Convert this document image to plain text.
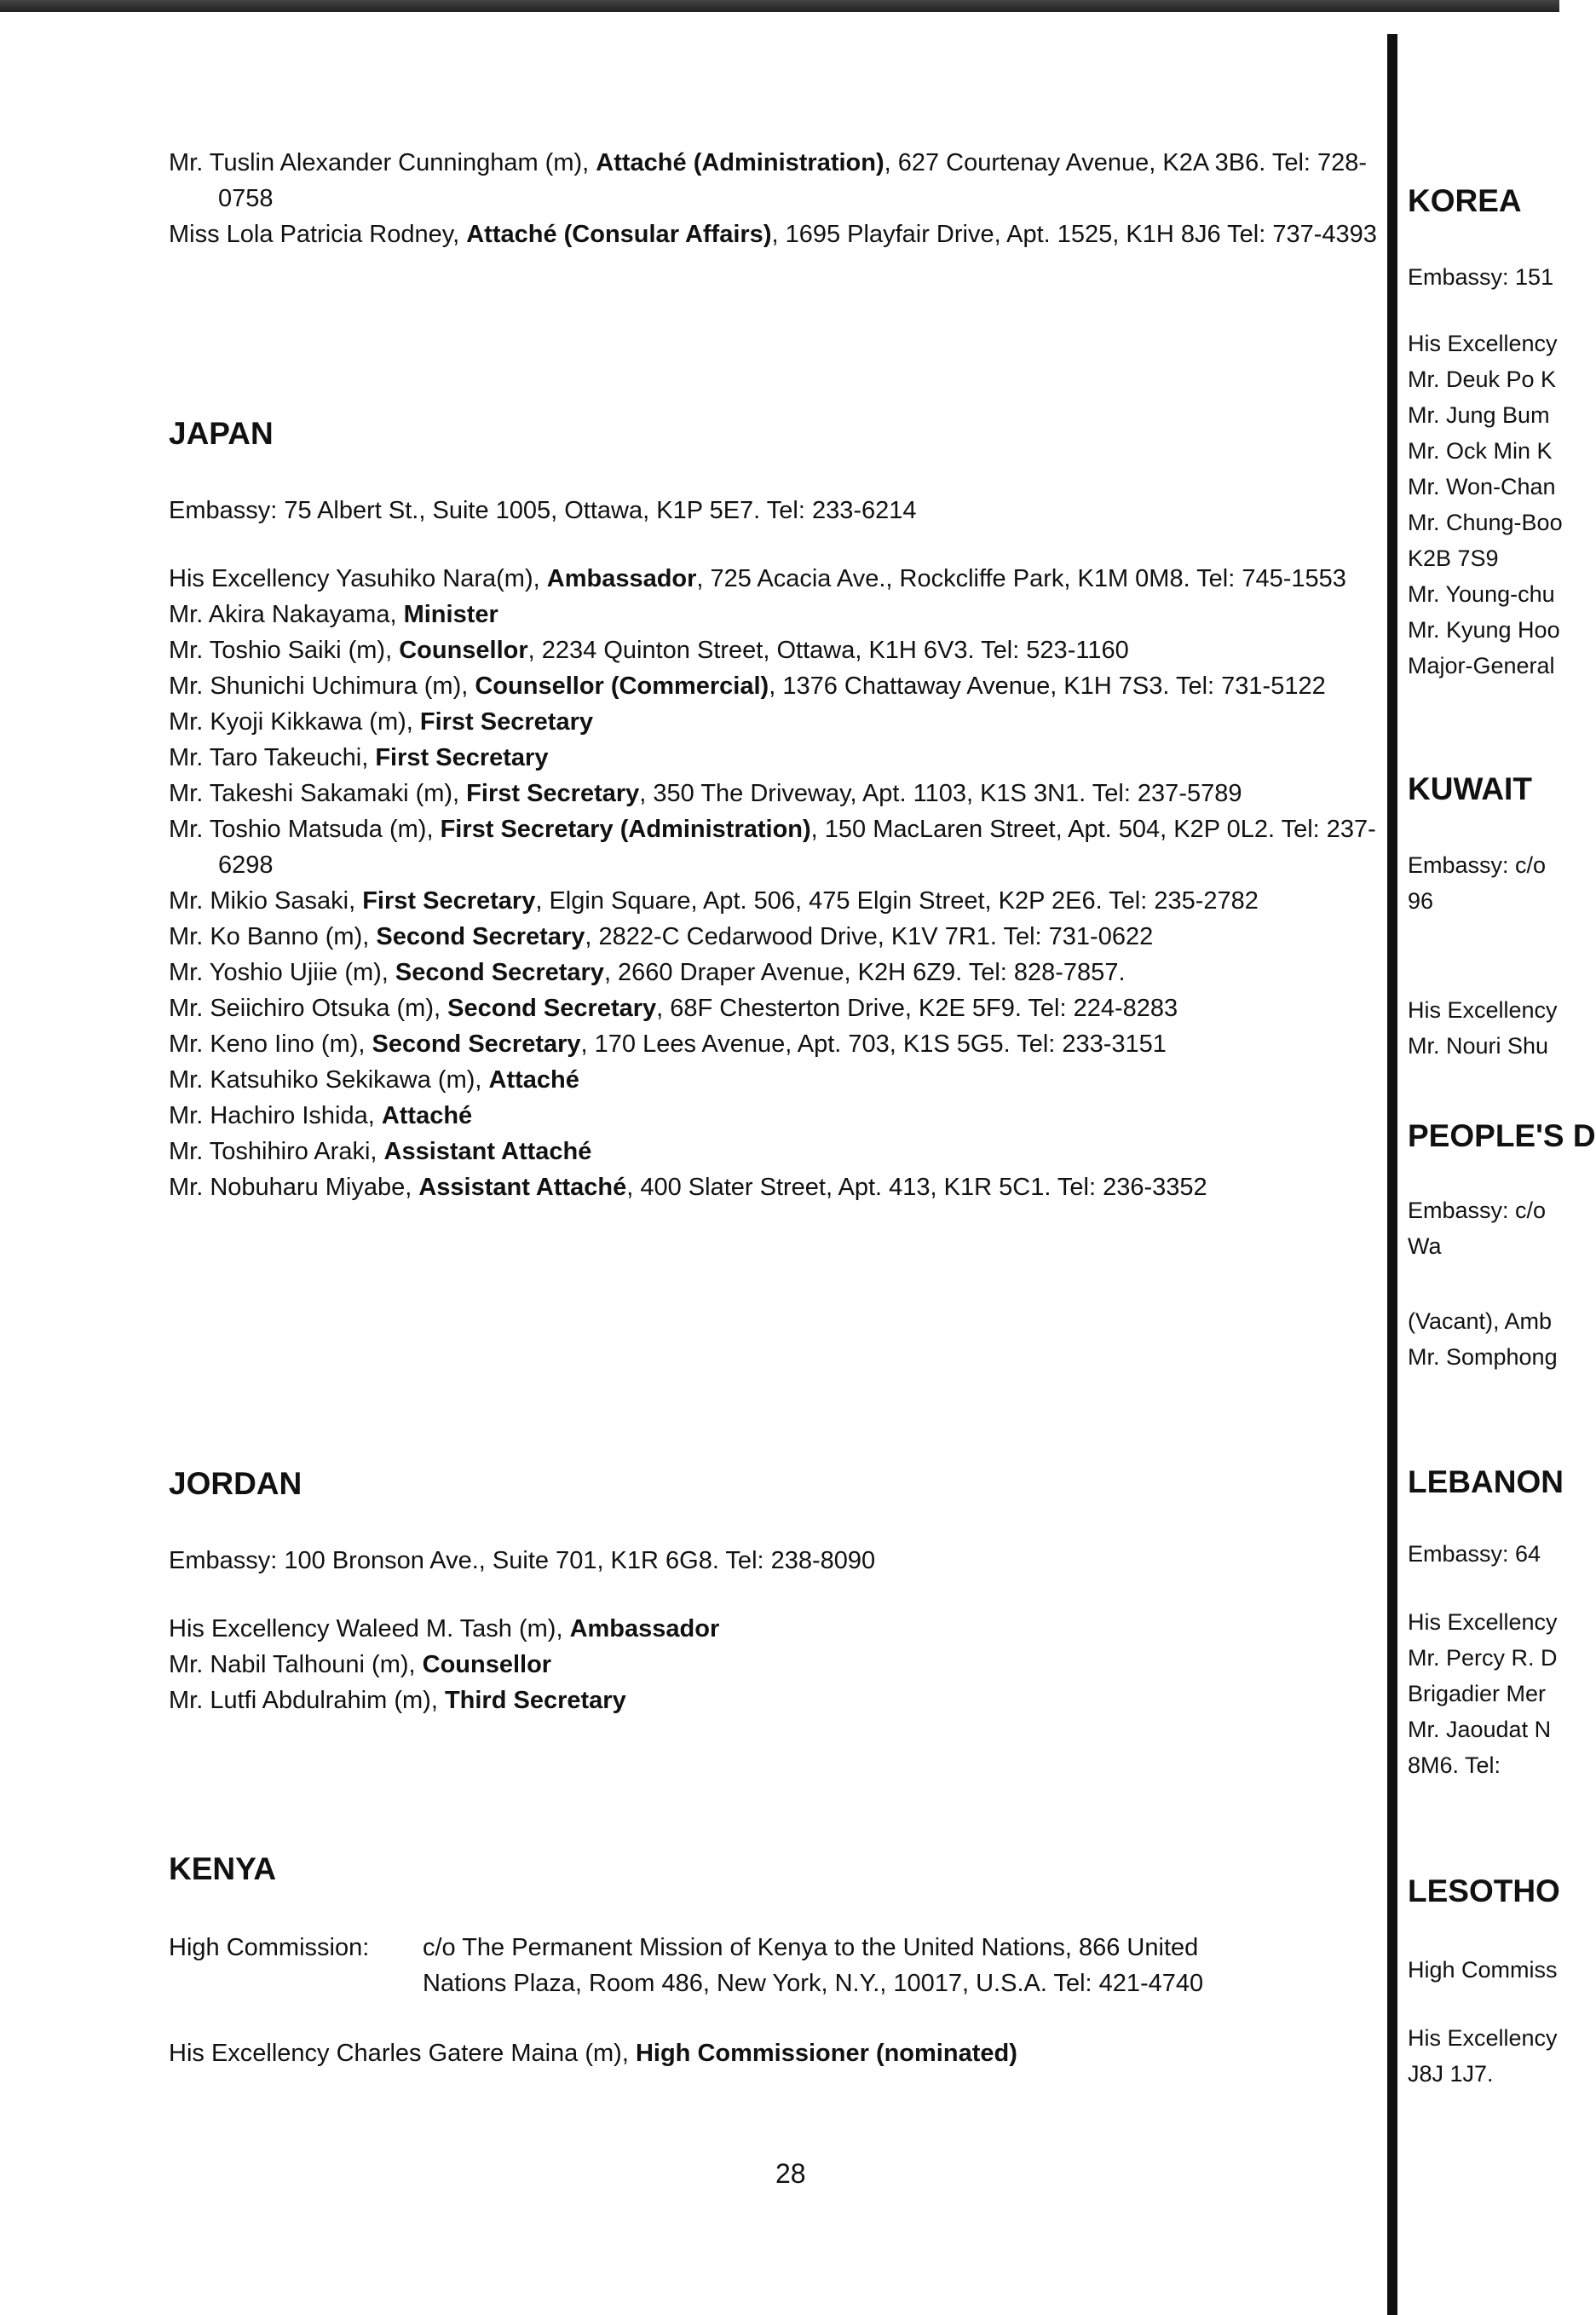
Mr. Tuslin Alexander Cunningham (m), Attaché (Administration), 627 Courtenay Avenue, K2A 3B6. Tel: 728-0758

Miss Lola Patricia Rodney, Attaché (Consular Affairs), 1695 Playfair Drive, Apt. 1525, K1H 8J6 Tel: 737-4393

JAPAN

Embassy: 75 Albert St., Suite 1005, Ottawa, K1P 5E7. Tel: 233-6214

His Excellency Yasuhiko Nara(m), Ambassador, 725 Acacia Ave., Rockcliffe Park, K1M 0M8. Tel: 745-1553

Mr. Akira Nakayama, Minister

Mr. Toshio Saiki (m), Counsellor, 2234 Quinton Street, Ottawa, K1H 6V3. Tel: 523-1160

Mr. Shunichi Uchimura (m), Counsellor (Commercial), 1376 Chattaway Avenue, K1H 7S3. Tel: 731-5122

Mr. Kyoji Kikkawa (m), First Secretary

Mr. Taro Takeuchi, First Secretary

Mr. Takeshi Sakamaki (m), First Secretary, 350 The Driveway, Apt. 1103, K1S 3N1. Tel: 237-5789

Mr. Toshio Matsuda (m), First Secretary (Administration), 150 MacLaren Street, Apt. 504, K2P 0L2. Tel: 237-6298

Mr. Mikio Sasaki, First Secretary, Elgin Square, Apt. 506, 475 Elgin Street, K2P 2E6. Tel: 235-2782

Mr. Ko Banno (m), Second Secretary, 2822-C Cedarwood Drive, K1V 7R1. Tel: 731-0622

Mr. Yoshio Ujiie (m), Second Secretary, 2660 Draper Avenue, K2H 6Z9. Tel: 828-7857.

Mr. Seiichiro Otsuka (m), Second Secretary, 68F Chesterton Drive, K2E 5F9. Tel: 224-8283

Mr. Keno Iino (m), Second Secretary, 170 Lees Avenue, Apt. 703, K1S 5G5. Tel: 233-3151

Mr. Katsuhiko Sekikawa (m), Attaché

Mr. Hachiro Ishida, Attaché

Mr. Toshihiro Araki, Assistant Attaché

Mr. Nobuharu Miyabe, Assistant Attaché, 400 Slater Street, Apt. 413, K1R 5C1. Tel: 236-3352

JORDAN

Embassy: 100 Bronson Ave., Suite 701, K1R 6G8. Tel: 238-8090

His Excellency Waleed M. Tash (m), Ambassador

Mr. Nabil Talhouni (m), Counsellor

Mr. Lutfi Abdulrahim (m), Third Secretary

KENYA
High Commission:	c/o The Permanent Mission of Kenya to the United Nations, 866 United
Nations Plaza, Room 486, New York, N.Y., 10017, U.S.A. Tel: 421-4740

His Excellency Charles Gatere Maina (m), High Commissioner (nominated)

28
KOREA
Embassy: 151
His Excellency
Mr. Deuk Po K
Mr. Jung Bum
Mr. Ock Min K
Mr. Won-Chan
Mr. Chung-Boo
K2B 7S9
Mr. Young-chu
Mr. Kyung Hoo
Major-General
KUWAIT
Embassy: c/o
96
His Excellency
Mr. Nouri Shu
PEOPLE'S D
Embassy: c/o
Wa
(Vacant), Amb
Mr. Somphong
LEBANON
Embassy: 64
His Excellency
Mr. Percy R. D
Brigadier Mer
Mr. Jaoudat N
8M6. Tel:
LESOTHO
High Commiss
His Excellency
J8J 1J7.
